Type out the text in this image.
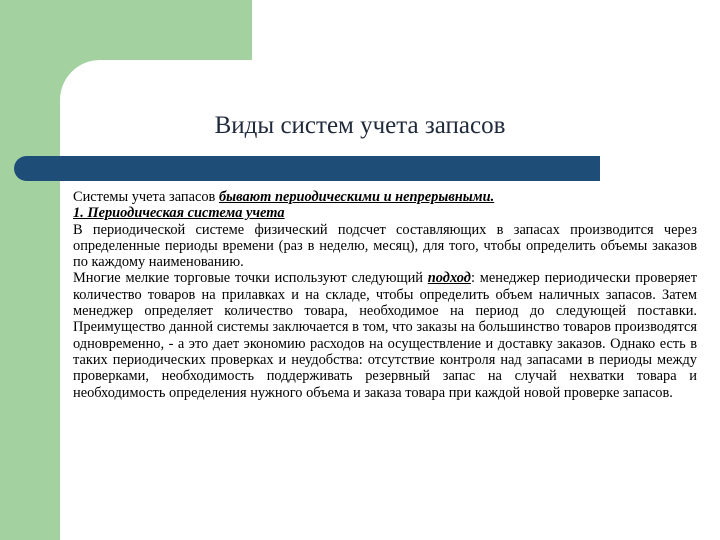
Виды систем учета запасов

Системы учета запасов бывают периодическими и непрерывными.

1. Периодическая система учета

В периодической системе физический подсчет составляющих в запасах производится через определенные периоды времени (раз в неделю, месяц), для того, чтобы определить объемы заказов по каждому наименованию.

Многие мелкие торговые точки используют следующий подход: менеджер периодически проверяет количество товаров на прилавках и на складе, чтобы определить объем наличных запасов. Затем менеджер определяет количество товара, необходимое на период до следующей поставки. Преимущество данной системы заключается в том, что заказы на большинство товаров производятся одновременно, - а это дает экономию расходов на осуществление и доставку заказов. Однако есть в таких периодических проверках и неудобства: отсутствие контроля над запасами в периоды между проверками, необходимость поддерживать резервный запас на случай нехватки товара и необходимость определения нужного объема и заказа товара при каждой новой проверке запасов.
